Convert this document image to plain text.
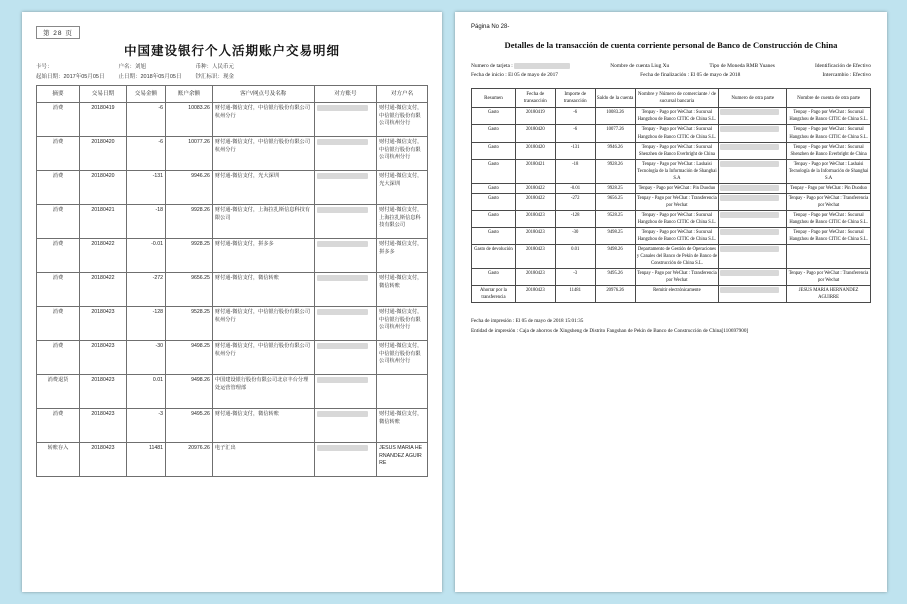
第 28 页
中国建设银行个人活期账户交易明细
卡号：
起始日期：2017年05月05日
户名：刘旭
止日期：2018年05月05日
币种：人民币元
钞汇标识：现金
摘要	交易日期	交易金额	账户余额	客户/网点号及名称	对方账号	对方户名
消费	20180419	-6	10083.26	财付通-微信支付，中信银行股份有限公司杭州分行		财付通-微信支付，中信银行股份有限公司杭州分行
消费	20180420	-6	10077.26	财付通-微信支付，中信银行股份有限公司杭州分行		财付通-微信支付，中信银行股份有限公司杭州分行
消费	20180420	-131	9946.26	财付通-微信支付，光大深圳		财付通-微信支付，光大深圳
消费	20180421	-18	9928.26	财付通-微信支付，上海拉扎斯信息科技有限公司		财付通-微信支付，上海拉扎斯信息科技有限公司
消费	20180422	-0.01	9928.25	财付通-微信支付，拼多多		财付通-微信支付，拼多多
消费	20180422	-272	9656.25	财付通-微信支付，微信转账		财付通-微信支付，微信转账
消费	20180423	-128	9528.25	财付通-微信支付，中信银行股份有限公司杭州分行		财付通-微信支付，中信银行股份有限公司杭州分行
消费	20180423	-30	9498.25	财付通-微信支付，中信银行股份有限公司杭州分行		财付通-微信支付，中信银行股份有限公司杭州分行
消费退货	20180423	0.01	9498.26	中国建设银行股份有限公司北京丰台分理处运营管理部	

消费	20180423	-3	9495.26	财付通-微信支付，微信转账		财付通-微信支付，微信转账
转账存入	20180423	11481	20976.26	电子汇出		JESUS MARIA HERNANDEZ AGUIRRE
Página No 28-
Detalles de la transacción de cuenta corriente personal de Banco de Construcción de China
Numero de tarjeta :	Nombre de cuenta Liug Xu	Tipo de Moneda RMB Yuanes	Identificación de Efectivo
Fecha de inicio : El 05 de mayo de 2017	Fecha de finalización : El 05 de mayo de 2018	Intercambio : Efectivo
Resumen	Fecha de transacción	Importe de transacción	Saldo de la cuenta	Nombre y Número de comerciante / de sucursal bancaria	Numero de otra parte	Nombre de cuenta de otra parte
Gasto	20180419	-6	10083.26	Tenpay - Pago por WeChat : Sucursal Hangzhou de Banco CITIC de China S.L.		Tenpay - Pago por WeChat : Sucursal Hangzhou de Banco CITIC de China S.L.
Gasto	20180420	-6	10077.26	Tenpay - Pago por WeChat : Sucursal Hangzhou de Banco CITIC de China S.L.		Tenpay - Pago por WeChat : Sucursal Hangzhou de Banco CITIC de China S.L.
Gasto	20180420	-131	9946.26	Tenpay - Pago por WeChat : Sucursal Shenzhen de Banco Everbright de China		Tenpay - Pago por WeChat : Sucursal Shenzhen de Banco Everbright de China
Gasto	20180421	-18	9928.26	Tenpay - Pago por WeChat : Lashaisi Tecnología de la Información de Shanghai S.A		Tenpay - Pago por WeChat : Lashaisi Tecnología de la Información de Shanghai S.A
Gasto	20180422	-0.01	9928.25	Tenpay - Pago por WeChat : Pin Duoduo		Tenpay - Pago por WeChat : Pin Duoduo
Gasto	20180422	-272	9656.25	Tenpay - Pago por WeChat : Transferencia por Wechat		Tenpay - Pago por WeChat : Transferencia por Wechat
Gasto	20180423	-128	9528.25	Tenpay - Pago por WeChat : Sucursal Hangzhou de Banco CITIC de China S.L.		Tenpay - Pago por WeChat : Sucursal Hangzhou de Banco CITIC de China S.L.
Gasto	20180423	-30	9498.25	Tenpay - Pago por WeChat : Sucursal Hangzhou de Banco CITIC de China S.L.		Tenpay - Pago por WeChat : Sucursal Hangzhou de Banco CITIC de China S.L.
Gasto de devolución	20180423	0.01	9498.26	Departamento de Gestión de Operaciones y Canales del Banco de Pekín de Banco de Construcción de China S.L.	

Gasto	20180423	-3	9495.26	Tenpay - Pago por WeChat : Transferencia por Wechat		Tenpay - Pago por WeChat : Transferencia por Wechat
Ahorrar por la transferencia	20180423	11481	20976.26	Remitir electrónicamente		JESUS MARIA HERNANDEZ AGUIRRE
Fecha de impresión : El 05 de mayo de 2018 15:01:35
Entidad de impresión : Caja de ahorros de Xingsheng de Distrito Fangshan de Pekín de Banco de Construcción de China[110697900]
